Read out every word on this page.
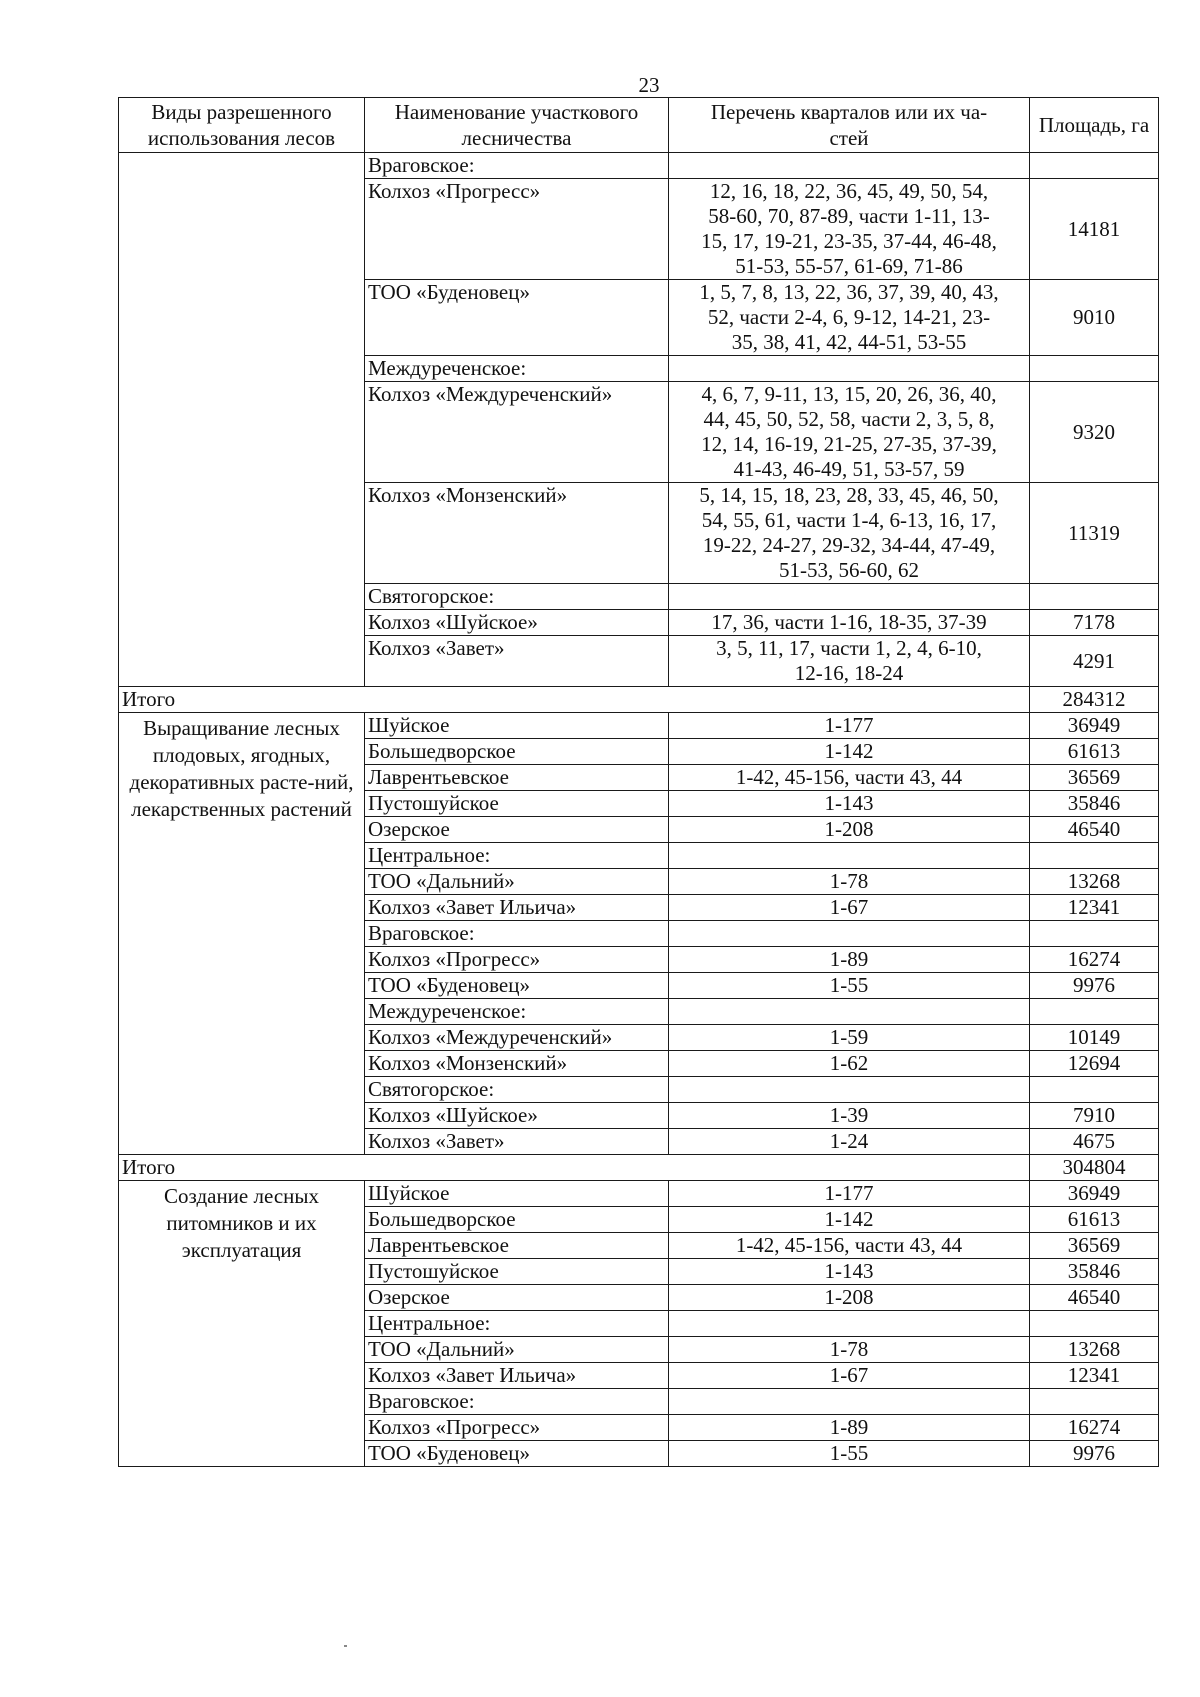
23
Виды разрешенного использования лесов	Наименование участкового лесничества	Перечень кварталов или их ча-
стей	Площадь, га
	Враговское:		
	Колхоз «Прогресс»	12, 16, 18, 22, 36, 45, 49, 50, 54,
58-60, 70, 87-89, части 1-11, 13-
15, 17, 19-21, 23-35, 37-44, 46-48,
51-53, 55-57, 61-69, 71-86	14181
	ТОО «Буденовец»	1, 5, 7, 8, 13, 22, 36, 37, 39, 40, 43,
52, части 2-4, 6, 9-12, 14-21, 23-
35, 38, 41, 42, 44-51, 53-55	9010
	Междуреченское:		
	Колхоз «Междуреченский»	4, 6, 7, 9-11, 13, 15, 20, 26, 36, 40,
44, 45, 50, 52, 58, части 2, 3, 5, 8,
12, 14, 16-19, 21-25, 27-35, 37-39,
41-43, 46-49, 51, 53-57, 59	9320
	Колхоз «Монзенский»	5, 14, 15, 18, 23, 28, 33, 45, 46, 50,
54, 55, 61, части 1-4, 6-13, 16, 17,
19-22, 24-27, 29-32, 34-44, 47-49,
51-53, 56-60, 62	11319
	Святогорское:		
	Колхоз «Шуйское»	17, 36, части 1-16, 18-35, 37-39	7178
	Колхоз «Завет»	3, 5, 11, 17, части 1, 2, 4, 6-10,
12-16, 18-24	4291
Итого			284312
Выращивание лесных плодовых, ягодных, декоративных расте-ний, лекарственных растений	Шуйское	1-177	36949
	Большедворское	1-142	61613
	Лаврентьевское	1-42, 45-156, части 43, 44	36569
	Пустошуйское	1-143	35846
	Озерское	1-208	46540
	Центральное:		
	ТОО «Дальний»	1-78	13268
	Колхоз «Завет Ильича»	1-67	12341
	Враговское:		
	Колхоз «Прогресс»	1-89	16274
	ТОО «Буденовец»	1-55	9976
	Междуреченское:		
	Колхоз «Междуреченский»	1-59	10149
	Колхоз «Монзенский»	1-62	12694
	Святогорское:		
	Колхоз «Шуйское»	1-39	7910
	Колхоз «Завет»	1-24	4675
Итого			304804
Создание лесных питомников и их эксплуатация	Шуйское	1-177	36949
	Большедворское	1-142	61613
	Лаврентьевское	1-42, 45-156, части 43, 44	36569
	Пустошуйское	1-143	35846
	Озерское	1-208	46540
	Центральное:		
	ТОО «Дальний»	1-78	13268
	Колхоз «Завет Ильича»	1-67	12341
	Враговское:		
	Колхоз «Прогресс»	1-89	16274
	ТОО «Буденовец»	1-55	9976
